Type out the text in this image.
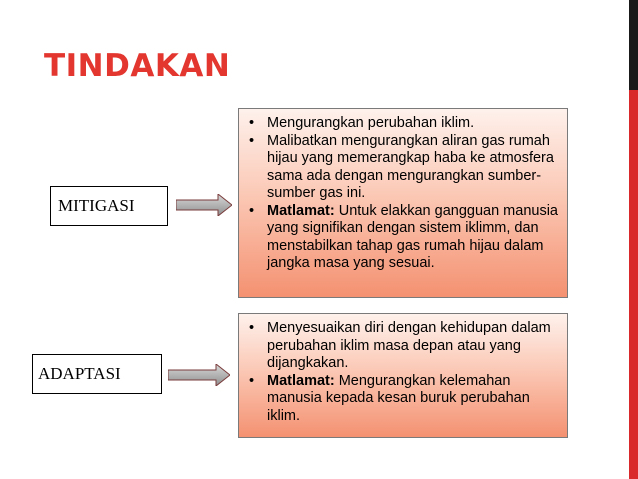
TINDAKAN
MITIGASI
• Mengurangkan perubahan iklim.
• Malibatkan mengurangkan aliran gas rumah hijau yang memerangkap haba ke atmosfera sama ada dengan mengurangkan sumber-sumber gas ini.
• Matlamat: Untuk elakkan gangguan manusia yang signifikan dengan sistem iklimm, dan menstabilkan tahap gas rumah hijau dalam jangka masa yang sesuai.
ADAPTASI
• Menyesuaikan diri dengan kehidupan dalam perubahan iklim masa depan atau yang dijangkakan.
• Matlamat: Mengurangkan kelemahan manusia kepada kesan buruk perubahan iklim.
